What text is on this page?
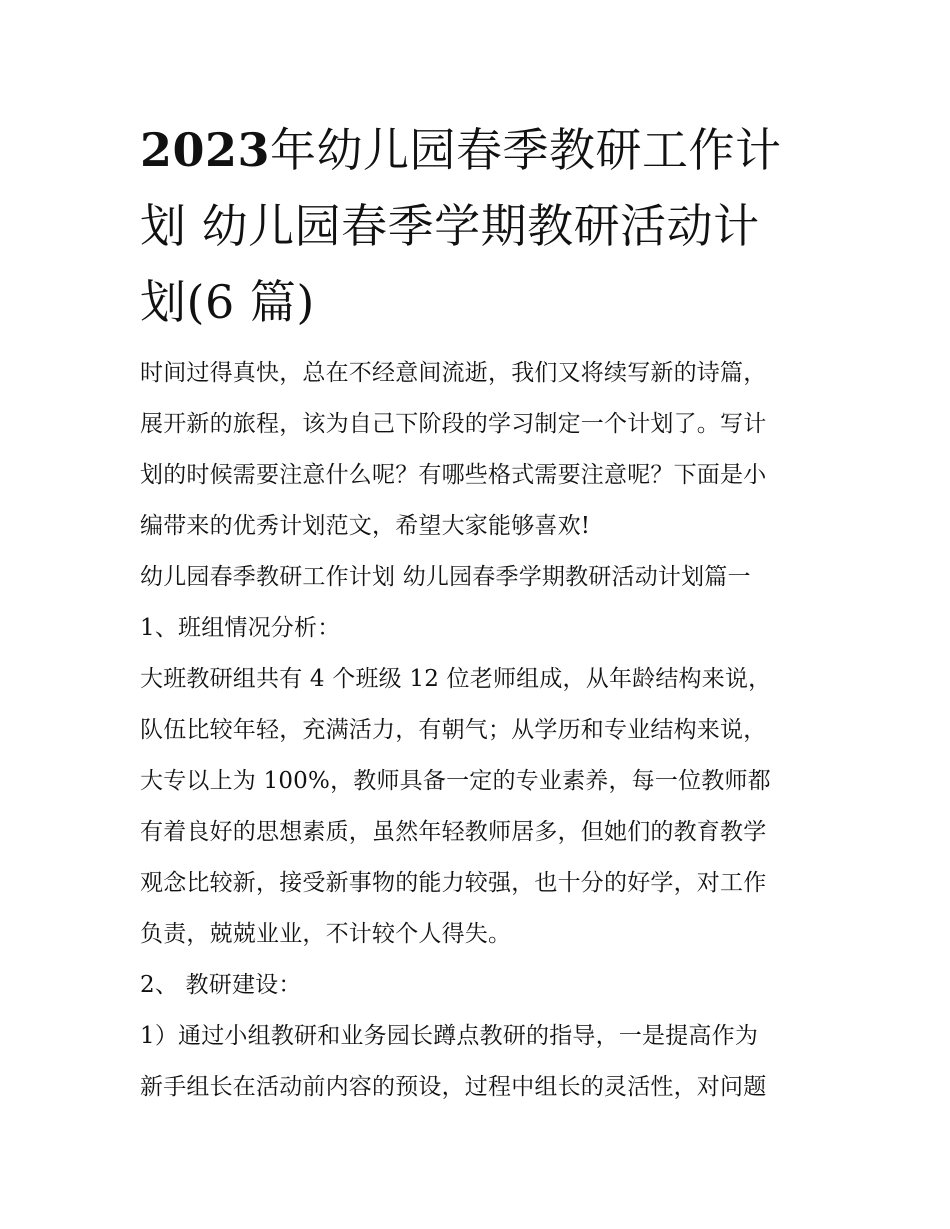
2023年幼儿园春季教研工作计
划 幼儿园春季学期教研活动计
划(6 篇)

时间过得真快，总在不经意间流逝，我们又将续写新的诗篇，
展开新的旅程，该为自己下阶段的学习制定一个计划了。写计
划的时候需要注意什么呢？有哪些格式需要注意呢？下面是小
编带来的优秀计划范文，希望大家能够喜欢!

幼儿园春季教研工作计划 幼儿园春季学期教研活动计划篇一

1、班组情况分析：

大班教研组共有 4 个班级 12 位老师组成，从年龄结构来说，
队伍比较年轻，充满活力，有朝气；从学历和专业结构来说，
大专以上为 100%，教师具备一定的专业素养，每一位教师都
有着良好的思想素质，虽然年轻教师居多，但她们的教育教学
观念比较新，接受新事物的能力较强，也十分的好学，对工作
负责，兢兢业业，不计较个人得失。

2、 教研建设：

1）通过小组教研和业务园长蹲点教研的指导，一是提高作为
新手组长在活动前内容的预设，过程中组长的灵活性，对问题
